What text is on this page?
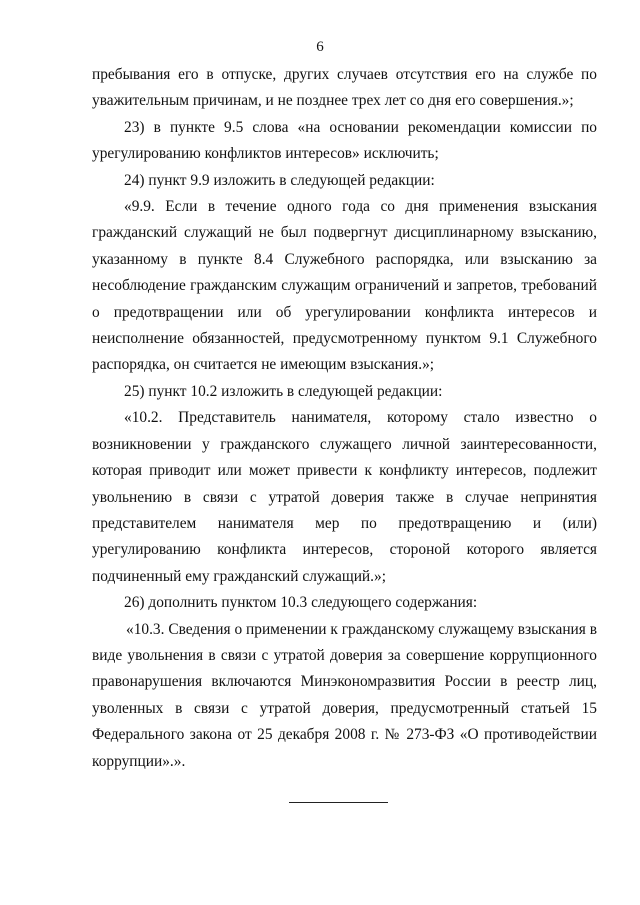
6

пребывания его в отпуске, других случаев отсутствия его на службе по уважительным причинам, и не позднее трех лет со дня его совершения.»;

23) в пункте 9.5 слова «на основании рекомендации комиссии по урегулированию конфликтов интересов» исключить;

24) пункт 9.9 изложить в следующей редакции:

«9.9. Если в течение одного года со дня применения взыскания гражданский служащий не был подвергнут дисциплинарному взысканию, указанному в пункте 8.4 Служебного распорядка, или взысканию за несоблюдение гражданским служащим ограничений и запретов, требований о предотвращении или об урегулировании конфликта интересов и неисполнение обязанностей, предусмотренному пунктом 9.1 Служебного распорядка, он считается не имеющим взыскания.»;

25) пункт 10.2 изложить в следующей редакции:

«10.2. Представитель нанимателя, которому стало известно о возникновении у гражданского служащего личной заинтересованности, которая приводит или может привести к конфликту интересов, подлежит увольнению в связи с утратой доверия также в случае непринятия представителем нанимателя мер по предотвращению и (или) урегулированию конфликта интересов, стороной которого является подчиненный ему гражданский служащий.»;

26) дополнить пунктом 10.3 следующего содержания:

«10.3. Сведения о применении к гражданскому служащему взыскания в виде увольнения в связи с утратой доверия за совершение коррупционного правонарушения включаются Минэкономразвития России в реестр лиц, уволенных в связи с утратой доверия, предусмотренный статьей 15 Федерального закона от 25 декабря 2008 г. № 273-ФЗ «О противодействии коррупции».».
